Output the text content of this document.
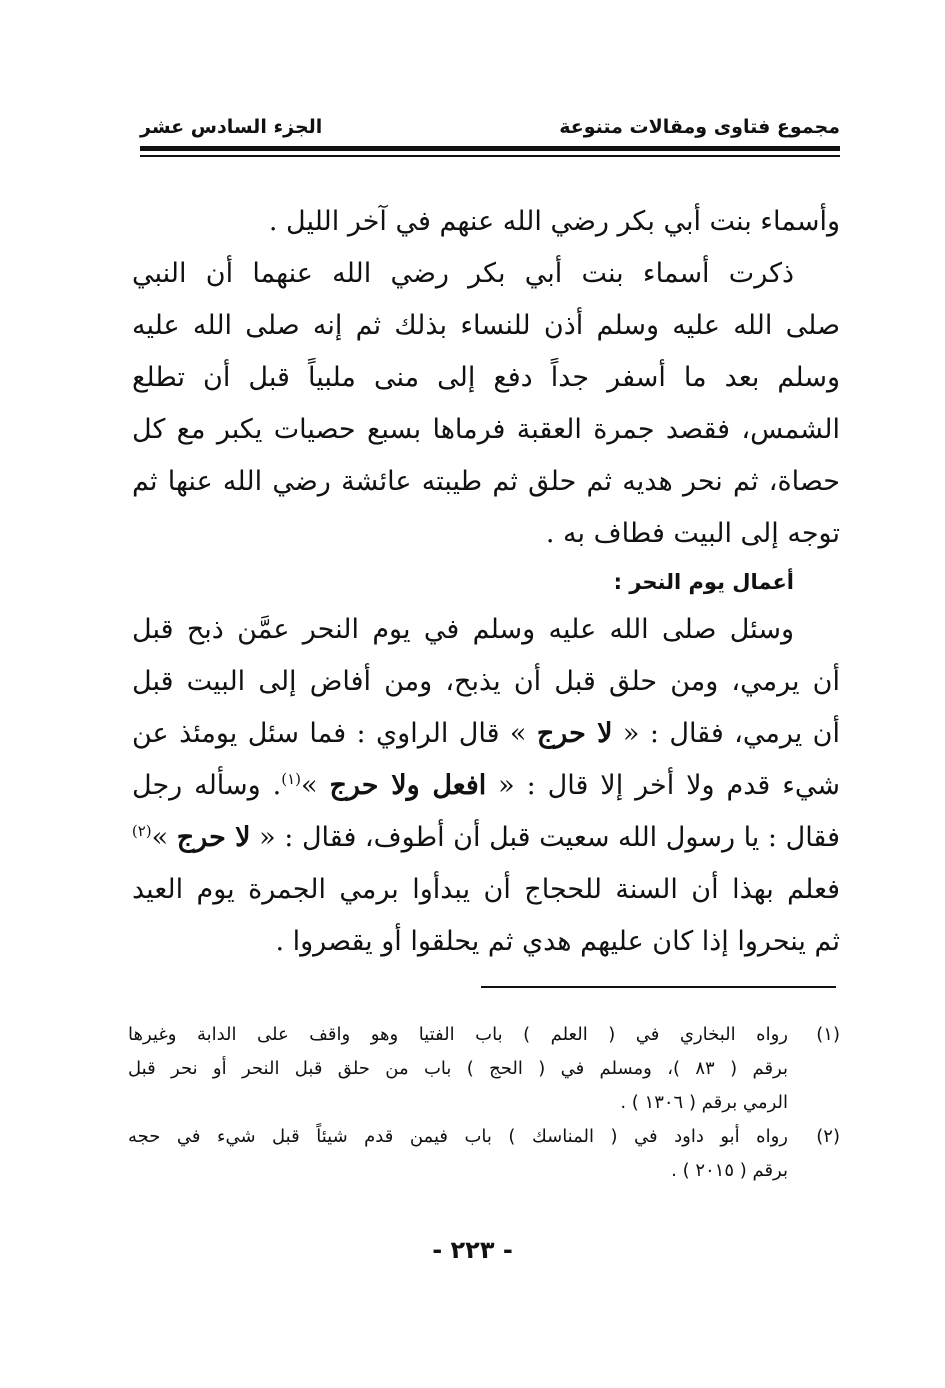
مجموع فتاوى ومقالات متنوعة
الجزء السادس عشر
وأسماء بنت أبي بكر رضي الله عنهم في آخر الليل .
ذكرت أسماء بنت أبي بكر رضي الله عنهما أن النبي
صلى الله عليه وسلم أذن للنساء بذلك ثم إنه صلى الله عليه
وسلم بعد ما أسفر جداً دفع إلى منى ملبياً قبل أن تطلع
الشمس، فقصد جمرة العقبة فرماها بسبع حصيات يكبر مع كل
حصاة، ثم نحر هديه ثم حلق ثم طيبته عائشة رضي الله عنها ثم
توجه إلى البيت فطاف به .
أعمال يوم النحر :
وسئل صلى الله عليه وسلم في يوم النحر عمَّن ذبح قبل
أن يرمي، ومن حلق قبل أن يذبح، ومن أفاض إلى البيت قبل
أن يرمي، فقال : « لا حرج » قال الراوي : فما سئل يومئذ عن
شيء قدم ولا أخر إلا قال : « افعل ولا حرج »$^{(١)}$. وسأله رجل
فقال : يا رسول الله سعيت قبل أن أطوف، فقال : « لا حرج »$^{(٢)}$
فعلم بهذا أن السنة للحجاج أن يبدأوا برمي الجمرة يوم العيد
ثم ينحروا إذا كان عليهم هدي ثم يحلقوا أو يقصروا .
(١)
رواه البخاري في ( العلم ) باب الفتيا وهو واقف على الدابة وغيرها
برقم ( ٨٣ )، ومسلم في ( الحج ) باب من حلق قبل النحر أو نحر قبل
الرمي برقم ( ١٣٠٦ ) .
(٢)
رواه أبو داود في ( المناسك ) باب فيمن قدم شيئاً قبل شيء في حجه
برقم ( ٢٠١٥ ) .
- ٢٢٣ -
